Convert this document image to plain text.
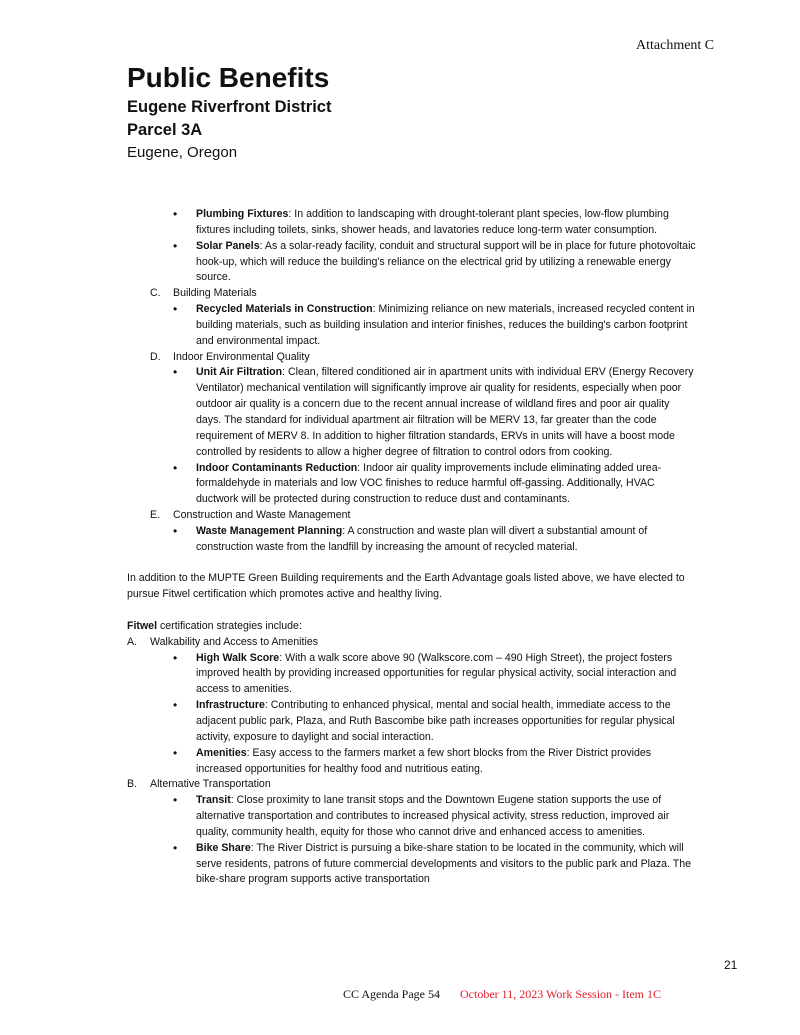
Attachment C
Public Benefits
Eugene Riverfront District
Parcel 3A
Eugene, Oregon
• Plumbing Fixtures: In addition to landscaping with drought-tolerant plant species, low-flow plumbing fixtures including toilets, sinks, shower heads, and lavatories reduce long-term water consumption.
• Solar Panels: As a solar-ready facility, conduit and structural support will be in place for future photovoltaic hook-up, which will reduce the building's reliance on the electrical grid by utilizing a renewable energy source.
C.	Building Materials
• Recycled Materials in Construction: Minimizing reliance on new materials, increased recycled content in building materials, such as building insulation and interior finishes, reduces the building's carbon footprint and environmental impact.
D.	Indoor Environmental Quality
• Unit Air Filtration: Clean, filtered conditioned air in apartment units with individual ERV (Energy Recovery Ventilator) mechanical ventilation will significantly improve air quality for residents, especially when poor outdoor air quality is a concern due to the recent annual increase of wildland fires and poor air quality days. The standard for individual apartment air filtration will be MERV 13, far greater than the code requirement of MERV 8. In addition to higher filtration standards, ERVs in units will have a boost mode controlled by residents to allow a higher degree of filtration to control odors from cooking.
• Indoor Contaminants Reduction: Indoor air quality improvements include eliminating added urea-formaldehyde in materials and low VOC finishes to reduce harmful off-gassing. Additionally, HVAC ductwork will be protected during construction to reduce dust and contaminants.
E.	Construction and Waste Management
• Waste Management Planning: A construction and waste plan will divert a substantial amount of construction waste from the landfill by increasing the amount of recycled material.

In addition to the MUPTE Green Building requirements and the Earth Advantage goals listed above, we have elected to pursue Fitwel certification which promotes active and healthy living.

Fitwel certification strategies include:

A.	Walkability and Access to Amenities
• High Walk Score: With a walk score above 90 (Walkscore.com – 490 High Street), the project fosters improved health by providing increased opportunities for regular physical activity, social interaction and access to amenities.
• Infrastructure: Contributing to enhanced physical, mental and social health, immediate access to the adjacent public park, Plaza, and Ruth Bascombe bike path increases opportunities for regular physical activity, exposure to daylight and social interaction.
• Amenities: Easy access to the farmers market a few short blocks from the River District provides increased opportunities for healthy food and nutritious eating.
B.	Alternative Transportation
• Transit: Close proximity to lane transit stops and the Downtown Eugene station supports the use of alternative transportation and contributes to increased physical activity, stress reduction, improved air quality, community health, equity for those who cannot drive and enhanced access to amenities.
• Bike Share: The River District is pursuing a bike-share station to be located in the community, which will serve residents, patrons of future commercial developments and visitors to the public park and Plaza. The bike-share program supports active transportation
21
CC Agenda Page 54 October 11, 2023 Work Session - Item 1C
